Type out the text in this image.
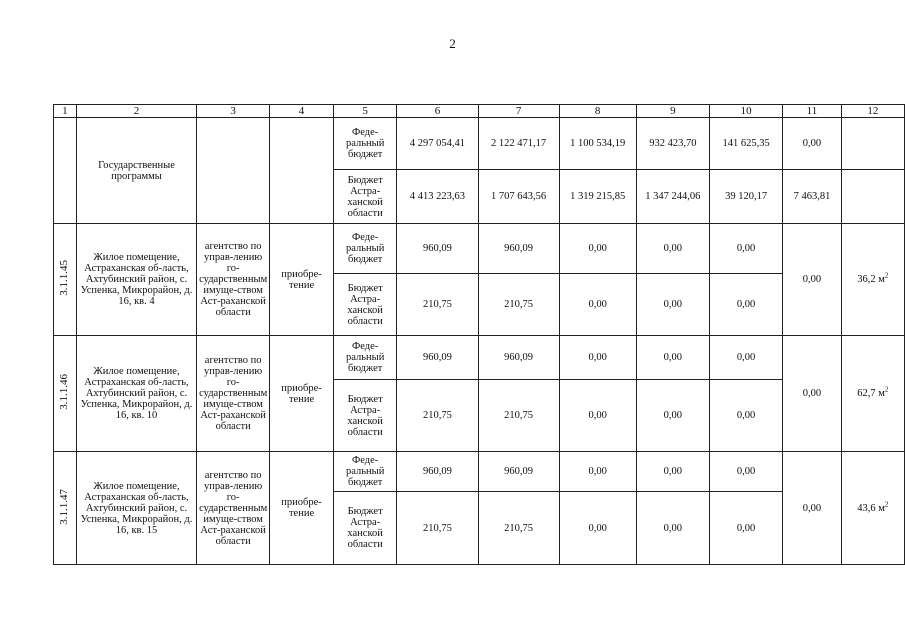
2
1	2	3	4	5	6	7	8	9	10	11	12
	Государственные программы			Феде-ральный бюджет	4 297 054,41	2 122 471,17	1 100 534,19	932 423,70	141 625,35	0,00	
				Бюджет Астра-ханской области	4 413 223,63	1 707 643,56	1 319 215,85	1 347 244,06	39 120,17	7 463,81	
3.1.1.45	Жилое помещение, Астраханская об-ласть, Ахтубинский район, с. Успенка, Микрорайон, д. 16, кв. 4	агентство по управ-лению го-сударственным имуще-ством Аст-раханской области	приобре-тение	Феде-ральный бюджет	960,09	960,09	0,00	0,00	0,00	0,00	36,2 $м^2$
				Бюджет Астра-ханской области	210,75	210,75	0,00	0,00	0,00		
3.1.1.46	Жилое помещение, Астраханская об-ласть, Ахтубинский район, с. Успенка, Микрорайон, д. 16, кв. 10	агентство по управ-лению го-сударственным имуще-ством Аст-раханской области	приобре-тение	Феде-ральный бюджет	960,09	960,09	0,00	0,00	0,00	0,00	62,7 $м^2$
				Бюджет Астра-ханской области	210,75	210,75	0,00	0,00	0,00		
3.1.1.47	Жилое помещение, Астраханская об-ласть, Ахтубинский район, с. Успенка, Микрорайон, д. 16, кв. 15	агентство по управ-лению го-сударственным имуще-ством Аст-раханской области	приобре-тение	Феде-ральный бюджет	960,09	960,09	0,00	0,00	0,00	0,00	43,6 $м^2$
				Бюджет Астра-ханской области	210,75	210,75	0,00	0,00	0,00		
